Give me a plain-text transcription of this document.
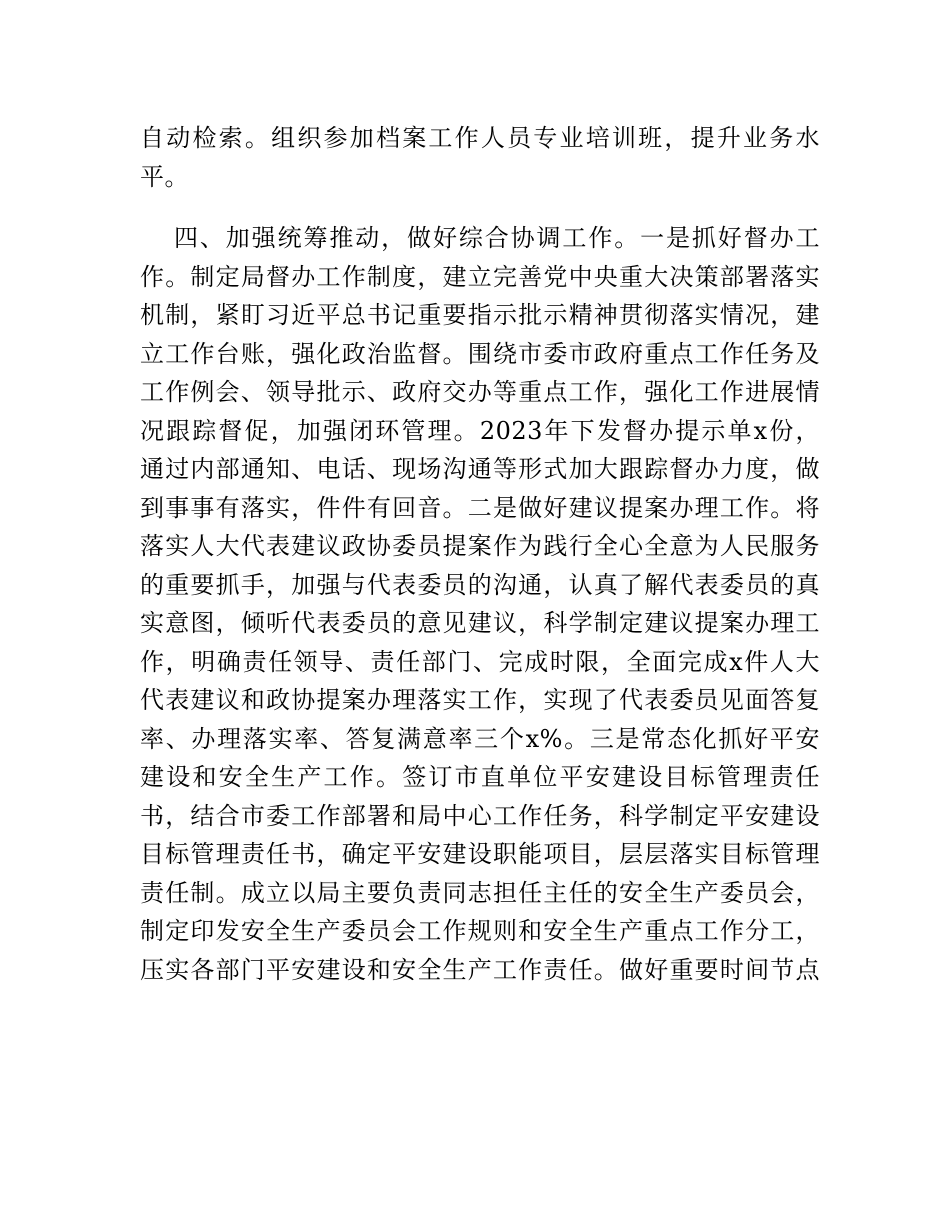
自动检索。组织参加档案工作人员专业培训班，提升业务水
平。
四、加强统筹推动，做好综合协调工作。一是抓好督办工
作。制定局督办工作制度，建立完善党中央重大决策部署落实
机制，紧盯习近平总书记重要指示批示精神贯彻落实情况，建
立工作台账，强化政治监督。围绕市委市政府重点工作任务及
工作例会、领导批示、政府交办等重点工作，强化工作进展情
况跟踪督促，加强闭环管理。2023年下发督办提示单x份，
通过内部通知、电话、现场沟通等形式加大跟踪督办力度，做
到事事有落实，件件有回音。二是做好建议提案办理工作。将
落实人大代表建议政协委员提案作为践行全心全意为人民服务
的重要抓手，加强与代表委员的沟通，认真了解代表委员的真
实意图，倾听代表委员的意见建议，科学制定建议提案办理工
作，明确责任领导、责任部门、完成时限，全面完成x件人大
代表建议和政协提案办理落实工作，实现了代表委员见面答复
率、办理落实率、答复满意率三个x%。三是常态化抓好平安
建设和安全生产工作。签订市直单位平安建设目标管理责任
书，结合市委工作部署和局中心工作任务，科学制定平安建设
目标管理责任书，确定平安建设职能项目，层层落实目标管理
责任制。成立以局主要负责同志担任主任的安全生产委员会，
制定印发安全生产委员会工作规则和安全生产重点工作分工，
压实各部门平安建设和安全生产工作责任。做好重要时间节点
